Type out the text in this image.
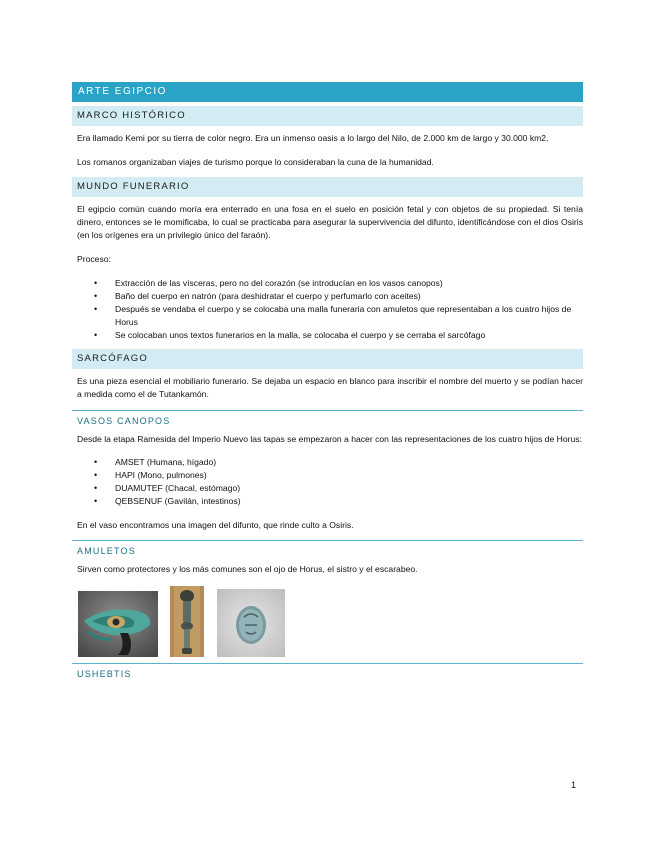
ARTE EGIPCIO
MARCO HISTÓRICO

Era llamado Kemi por su tierra de color negro. Era un inmenso oasis a lo largo del Nilo, de 2.000 km de largo y 30.000 km2.

Los romanos organizaban viajes de turismo porque lo consideraban la cuna de la humanidad.

MUNDO FUNERARIO

El egipcio común cuando moría era enterrado en una fosa en el suelo en posición fetal y con objetos de su propiedad. Si tenía dinero, entonces se le momificaba, lo cual se practicaba para asegurar la supervivencia del difunto, identificándose con el dios Osiris (en los orígenes era un privilegio único del faraón).

Proceso:

•	Extracción de las vísceras, pero no del corazón (se introducían en los vasos canopos)
•	Baño del cuerpo en natrón (para deshidratar el cuerpo y perfumarlo con aceites)
•	Después se vendaba el cuerpo y se colocaba una malla funeraria con amuletos que representaban a los cuatro hijos de Horus
•	Se colocaban unos textos funerarios en la malla, se colocaba el cuerpo y se cerraba el sarcófago
SARCÓFAGO

Es una pieza esencial el mobiliario funerario. Se dejaba un espacio en blanco para inscribir el nombre del muerto y se podían hacer a medida como el de Tutankamón.

VASOS CANOPOS

Desde la etapa Ramesida del Imperio Nuevo las tapas se empezaron a hacer con las representaciones de los cuatro hijos de Horus:

•	AMSET (Humana, hígado)
•	HAPI (Mono, pulmones)
•	DUAMUTEF (Chacal, estómago)
•	QEBSENUF (Gavilán, intestinos)

En el vaso encontramos una imagen del difunto, que rinde culto a Osiris.

AMULETOS

Sirven como protectores y los más comunes son el ojo de Horus, el sistro y el escarabeo.

USHEBTIS
1
